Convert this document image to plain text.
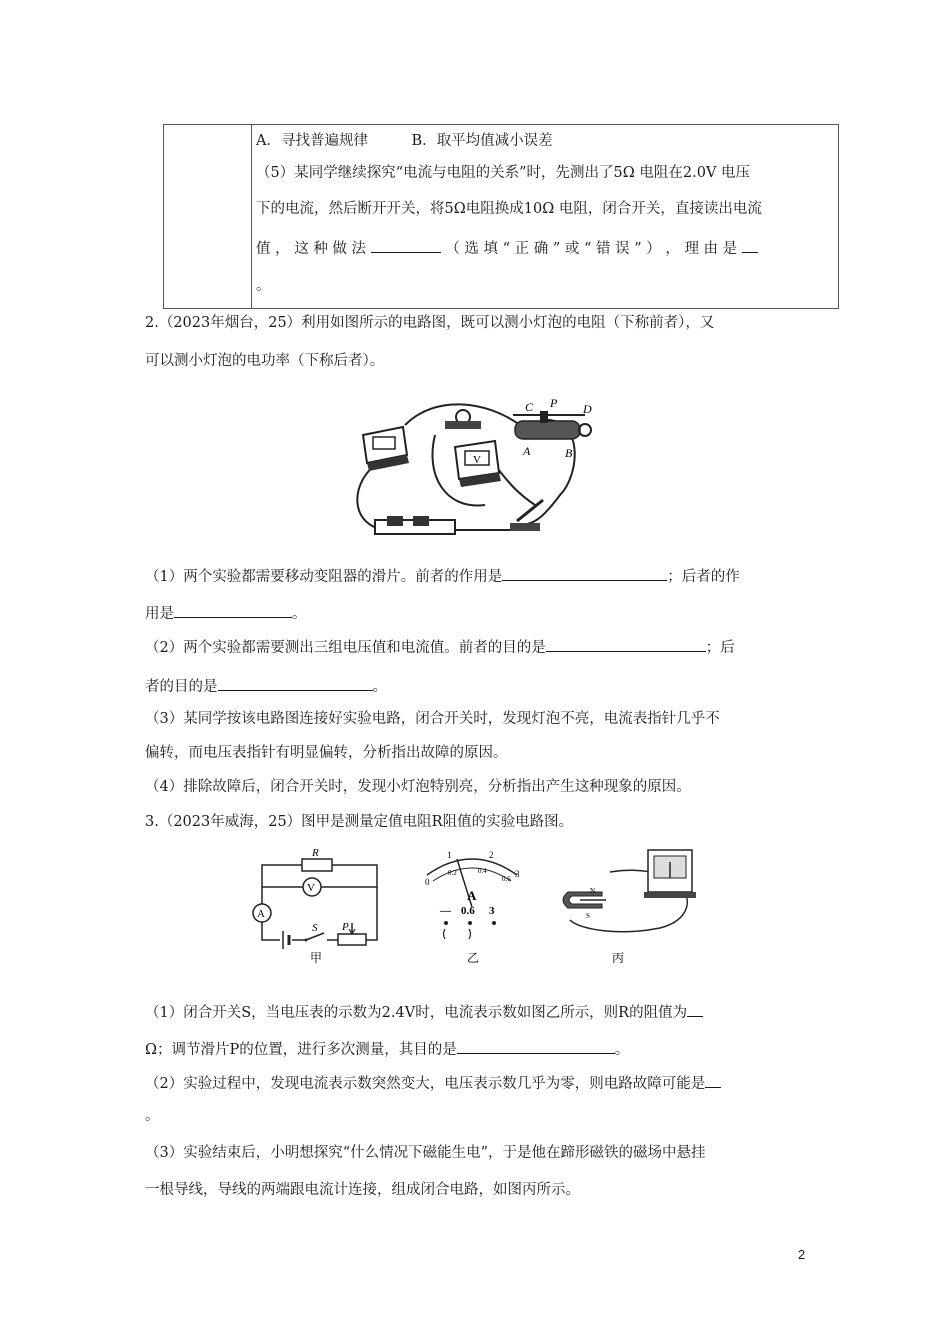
A．寻找普遍规律　　　B．取平均值减小误差
（5）某同学继续探究“电流与电阻的关系”时，先测出了5Ω 电阻在2.0V 电压
下的电流，然后断开开关，将5Ω电阻换成10Ω 电阻，闭合开关，直接读出电流
值 ， 这 种 做 法	（ 选 填 “ 正 确 ” 或 “ 错 误 ” ） ， 理 由 是
。
2.（2023年烟台，25）利用如图所示的电路图，既可以测小灯泡的电阻（下称前者），又
可以测小灯泡的电功率（下称后者）。
V
C P D
A	B
（1）两个实验都需要移动变阻器的滑片。前者的作用是	；后者的作
用是	。
（2）两个实验都需要测出三组电压值和电流值。前者的目的是	；后
者的目的是	。
（3）某同学按该电路图连接好实验电路，闭合开关时，发现灯泡不亮，电流表指针几乎不
偏转，而电压表指针有明显偏转，分析指出故障的原因。
（4）排除故障后，闭合开关时，发现小灯泡特别亮，分析指出产生这种现象的原因。
3.（2023年威海，25）图甲是测量定值电阻R阻值的实验电路图。
R
V
A
S P
甲
0
1	2
3
0.2	0.4
0.6
A
— 0.6 3
乙
N
S
丙
（1）闭合开关S，当电压表的示数为2.4V时，电流表示数如图乙所示，则R的阻值为
Ω；调节滑片P的位置，进行多次测量，其目的是	。
（2）实验过程中，发现电流表示数突然变大，电压表示数几乎为零，则电路故障可能是
。
（3）实验结束后，小明想探究“什么情况下磁能生电”，于是他在蹄形磁铁的磁场中悬挂
一根导线，导线的两端跟电流计连接，组成闭合电路，如图丙所示。
2
